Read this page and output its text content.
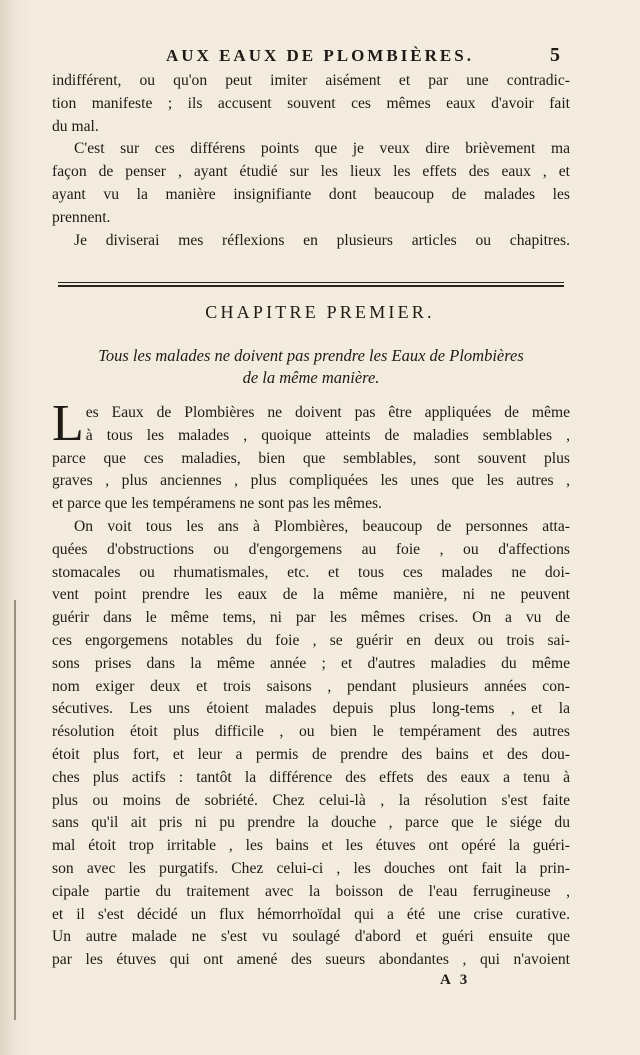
AUX EAUX DE PLOMBIÈRES.	5
indifférent, ou qu'on peut imiter aisément et par une contradic-
tion manifeste ; ils accusent souvent ces mêmes eaux d'avoir fait
du mal.
C'est sur ces différens points que je veux dire brièvement ma
façon de penser , ayant étudié sur les lieux les effets des eaux , et
ayant vu la manière insignifiante dont beaucoup de malades les
prennent.
Je diviserai mes réflexions en plusieurs articles ou chapitres.
CHAPITRE PREMIER.
Tous les malades ne doivent pas prendre les Eaux de Plombières
de la même manière.
L es Eaux de Plombières ne doivent pas être appliquées de même
à tous les malades , quoique atteints de maladies semblables ,
parce que ces maladies, bien que semblables, sont souvent plus
graves , plus anciennes , plus compliquées les unes que les autres ,
et parce que les tempéramens ne sont pas les mêmes.
On voit tous les ans à Plombières, beaucoup de personnes atta-
quées d'obstructions ou d'engorgemens au foie , ou d'affections
stomacales ou rhumatismales, etc. et tous ces malades ne doi-
vent point prendre les eaux de la même manière, ni ne peuvent
guérir dans le même tems, ni par les mêmes crises. On a vu de
ces engorgemens notables du foie , se guérir en deux ou trois sai-
sons prises dans la même année ; et d'autres maladies du même
nom exiger deux et trois saisons , pendant plusieurs années con-
sécutives. Les uns étoient malades depuis plus long-tems , et la
résolution étoit plus difficile , ou bien le tempérament des autres
étoit plus fort, et leur a permis de prendre des bains et des dou-
ches plus actifs : tantôt la différence des effets des eaux a tenu à
plus ou moins de sobriété. Chez celui-là , la résolution s'est faite
sans qu'il ait pris ni pu prendre la douche , parce que le siége du
mal étoit trop irritable , les bains et les étuves ont opéré la guéri-
son avec les purgatifs. Chez celui-ci , les douches ont fait la prin-
cipale partie du traitement avec la boisson de l'eau ferrugineuse ,
et il s'est décidé un flux hémorrhoïdal qui a été une crise curative.
Un autre malade ne s'est vu soulagé d'abord et guéri ensuite que
par les étuves qui ont amené des sueurs abondantes , qui n'avoient
A 3
